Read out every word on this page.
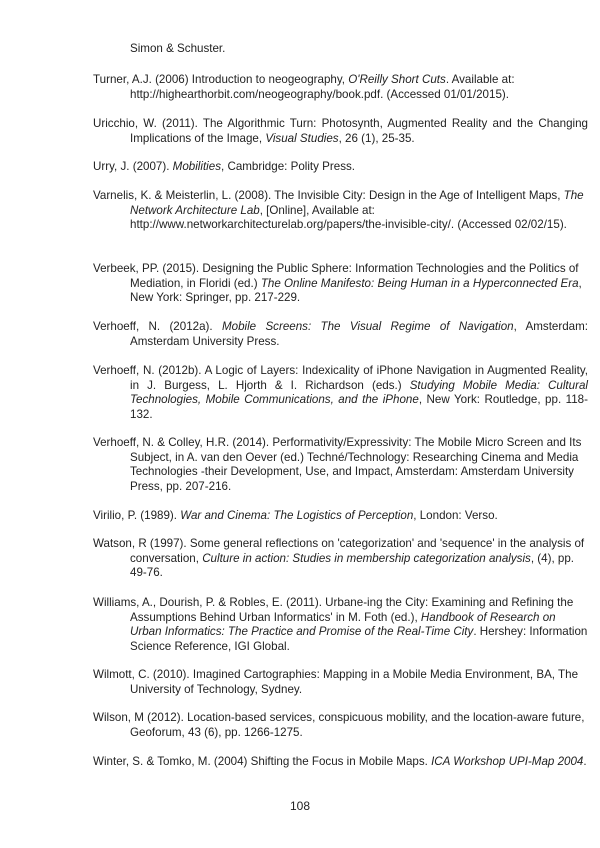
Simon & Schuster.

Turner, A.J. (2006) Introduction to neogeography, O'Reilly Short Cuts. Available at: http://highearthorbit.com/neogeography/book.pdf. (Accessed 01/01/2015).

Uricchio, W. (2011). The Algorithmic Turn: Photosynth, Augmented Reality and the Changing Implications of the Image, Visual Studies, 26 (1), 25-35.

Urry, J. (2007). Mobilities, Cambridge: Polity Press.

Varnelis, K. & Meisterlin, L. (2008). The Invisible City: Design in the Age of Intelligent Maps, The Network Architecture Lab, [Online], Available at: http://www.networkarchitecturelab.org/papers/the-invisible-city/. (Accessed 02/02/15).

Verbeek, PP. (2015). Designing the Public Sphere: Information Technologies and the Politics of Mediation, in Floridi (ed.) The Online Manifesto: Being Human in a Hyperconnected Era, New York: Springer, pp. 217-229.

Verhoeff, N. (2012a). Mobile Screens: The Visual Regime of Navigation, Amsterdam: Amsterdam University Press.

Verhoeff, N. (2012b). A Logic of Layers: Indexicality of iPhone Navigation in Augmented Reality, in J. Burgess, L. Hjorth & I. Richardson (eds.) Studying Mobile Media: Cultural Technologies, Mobile Communications, and the iPhone, New York: Routledge, pp. 118-132.

Verhoeff, N. & Colley, H.R. (2014). Performativity/Expressivity: The Mobile Micro Screen and Its Subject, in A. van den Oever (ed.) Techné/Technology: Researching Cinema and Media Technologies -their Development, Use, and Impact, Amsterdam: Amsterdam University Press, pp. 207-216.

Virilio, P. (1989). War and Cinema: The Logistics of Perception, London: Verso.

Watson, R (1997). Some general reflections on 'categorization' and 'sequence' in the analysis of conversation, Culture in action: Studies in membership categorization analysis, (4), pp. 49-76.

Williams, A., Dourish, P. & Robles, E. (2011). Urbane-ing the City: Examining and Refining the Assumptions Behind Urban Informatics' in M. Foth (ed.), Handbook of Research on Urban Informatics: The Practice and Promise of the Real-Time City. Hershey: Information Science Reference, IGI Global.

Wilmott, C. (2010). Imagined Cartographies: Mapping in a Mobile Media Environment, BA, The University of Technology, Sydney.

Wilson, M (2012). Location-based services, conspicuous mobility, and the location-aware future, Geoforum, 43 (6), pp. 1266-1275.

Winter, S. & Tomko, M. (2004) Shifting the Focus in Mobile Maps. ICA Workshop UPI-Map 2004.

108
